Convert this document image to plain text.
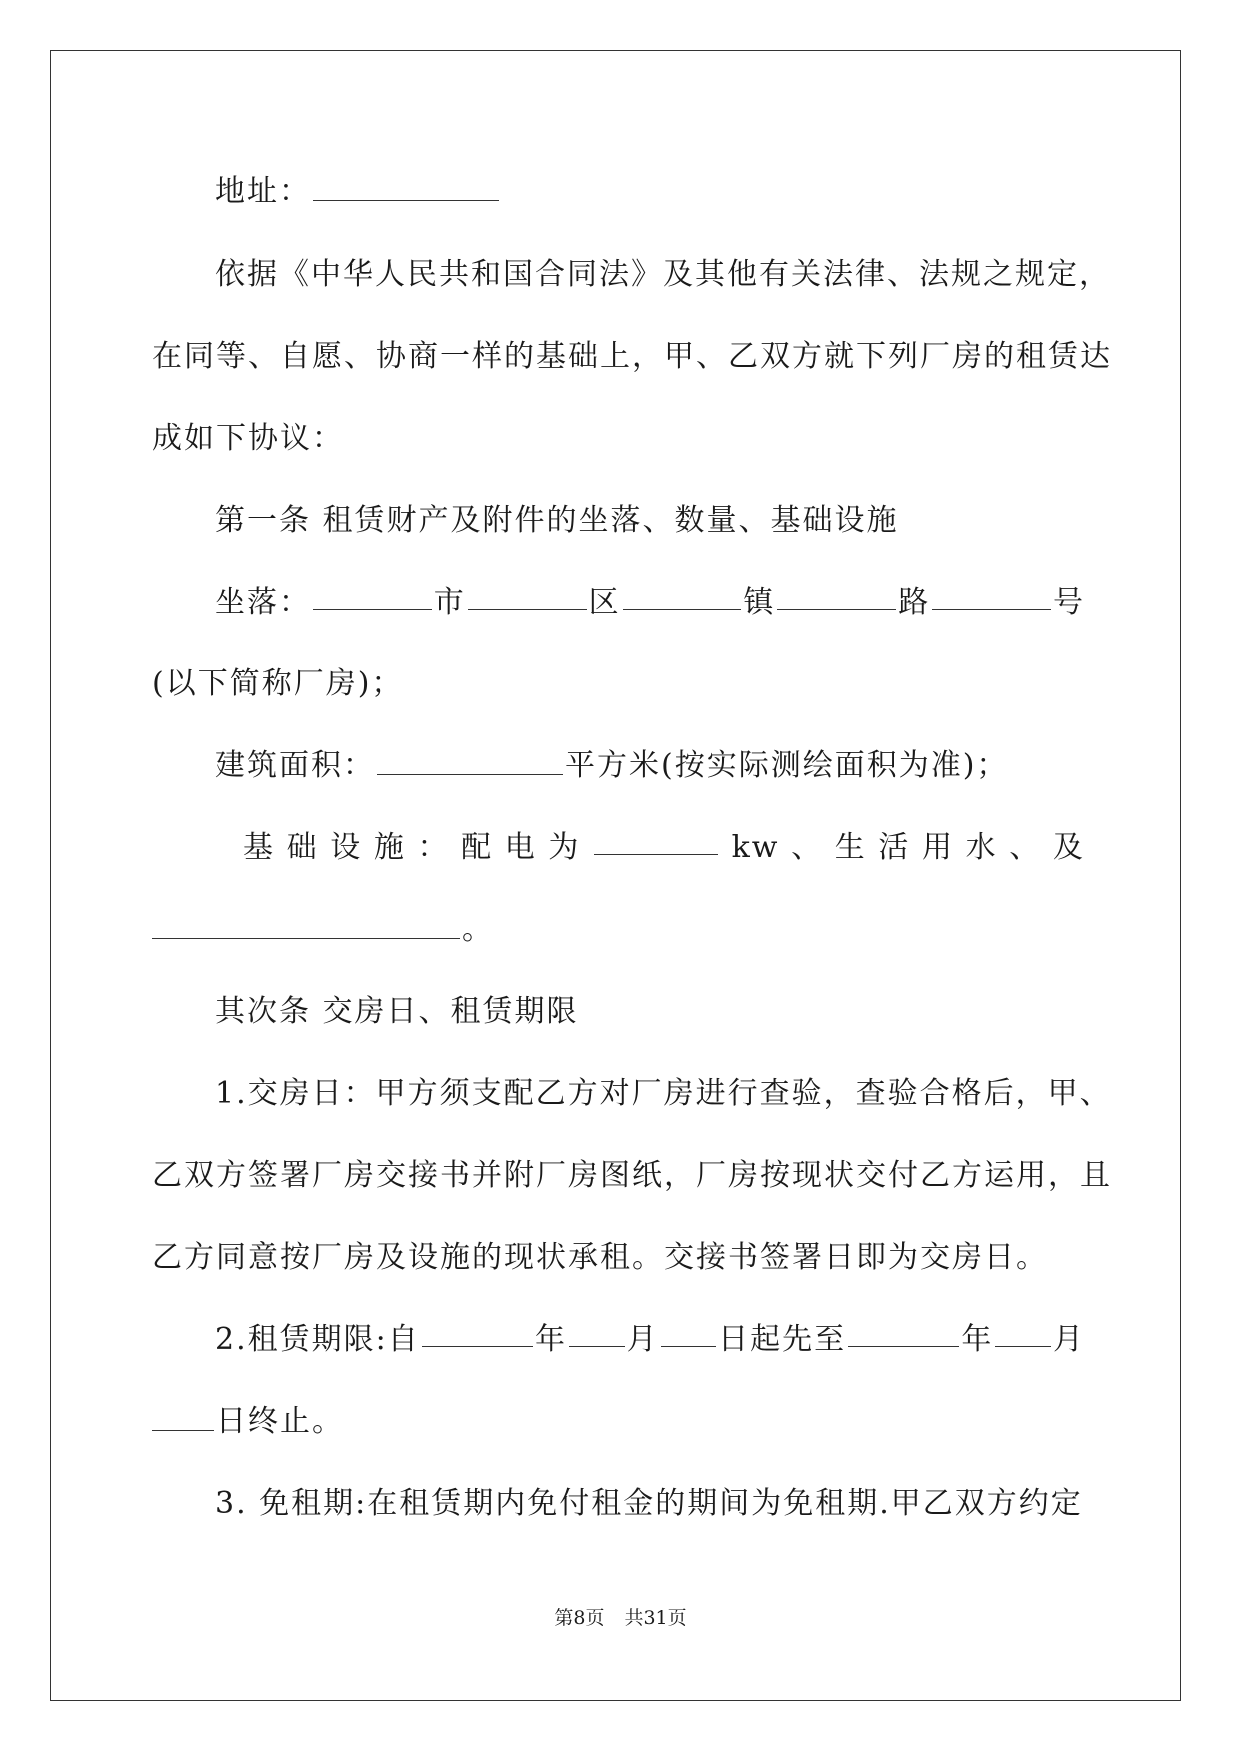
地址：
依据《中华人民共和国合同法》及其他有关法律、法规之规定，
在同等、自愿、协商一样的基础上，甲、乙双方就下列厂房的租赁达
成如下协议：
第一条 租赁财产及附件的坐落、数量、基础设施
坐落：	市	区	镇	路	号
(以下简称厂房)；
建筑面积：	平方米(按实际测绘面积为准)；
基 础 设 施 ： 配 电 为	kw 、 生 活 用 水 、 及
。
其次条 交房日、租赁期限
1.交房日：甲方须支配乙方对厂房进行查验，查验合格后，甲、
乙双方签署厂房交接书并附厂房图纸，厂房按现状交付乙方运用，且
乙方同意按厂房及设施的现状承租。交接书签署日即为交房日。
2.租赁期限:自	年 月 日起先至	年 月
日终止。
3. 免租期:在租赁期内免付租金的期间为免租期.甲乙双方约定
第8页 共31页
